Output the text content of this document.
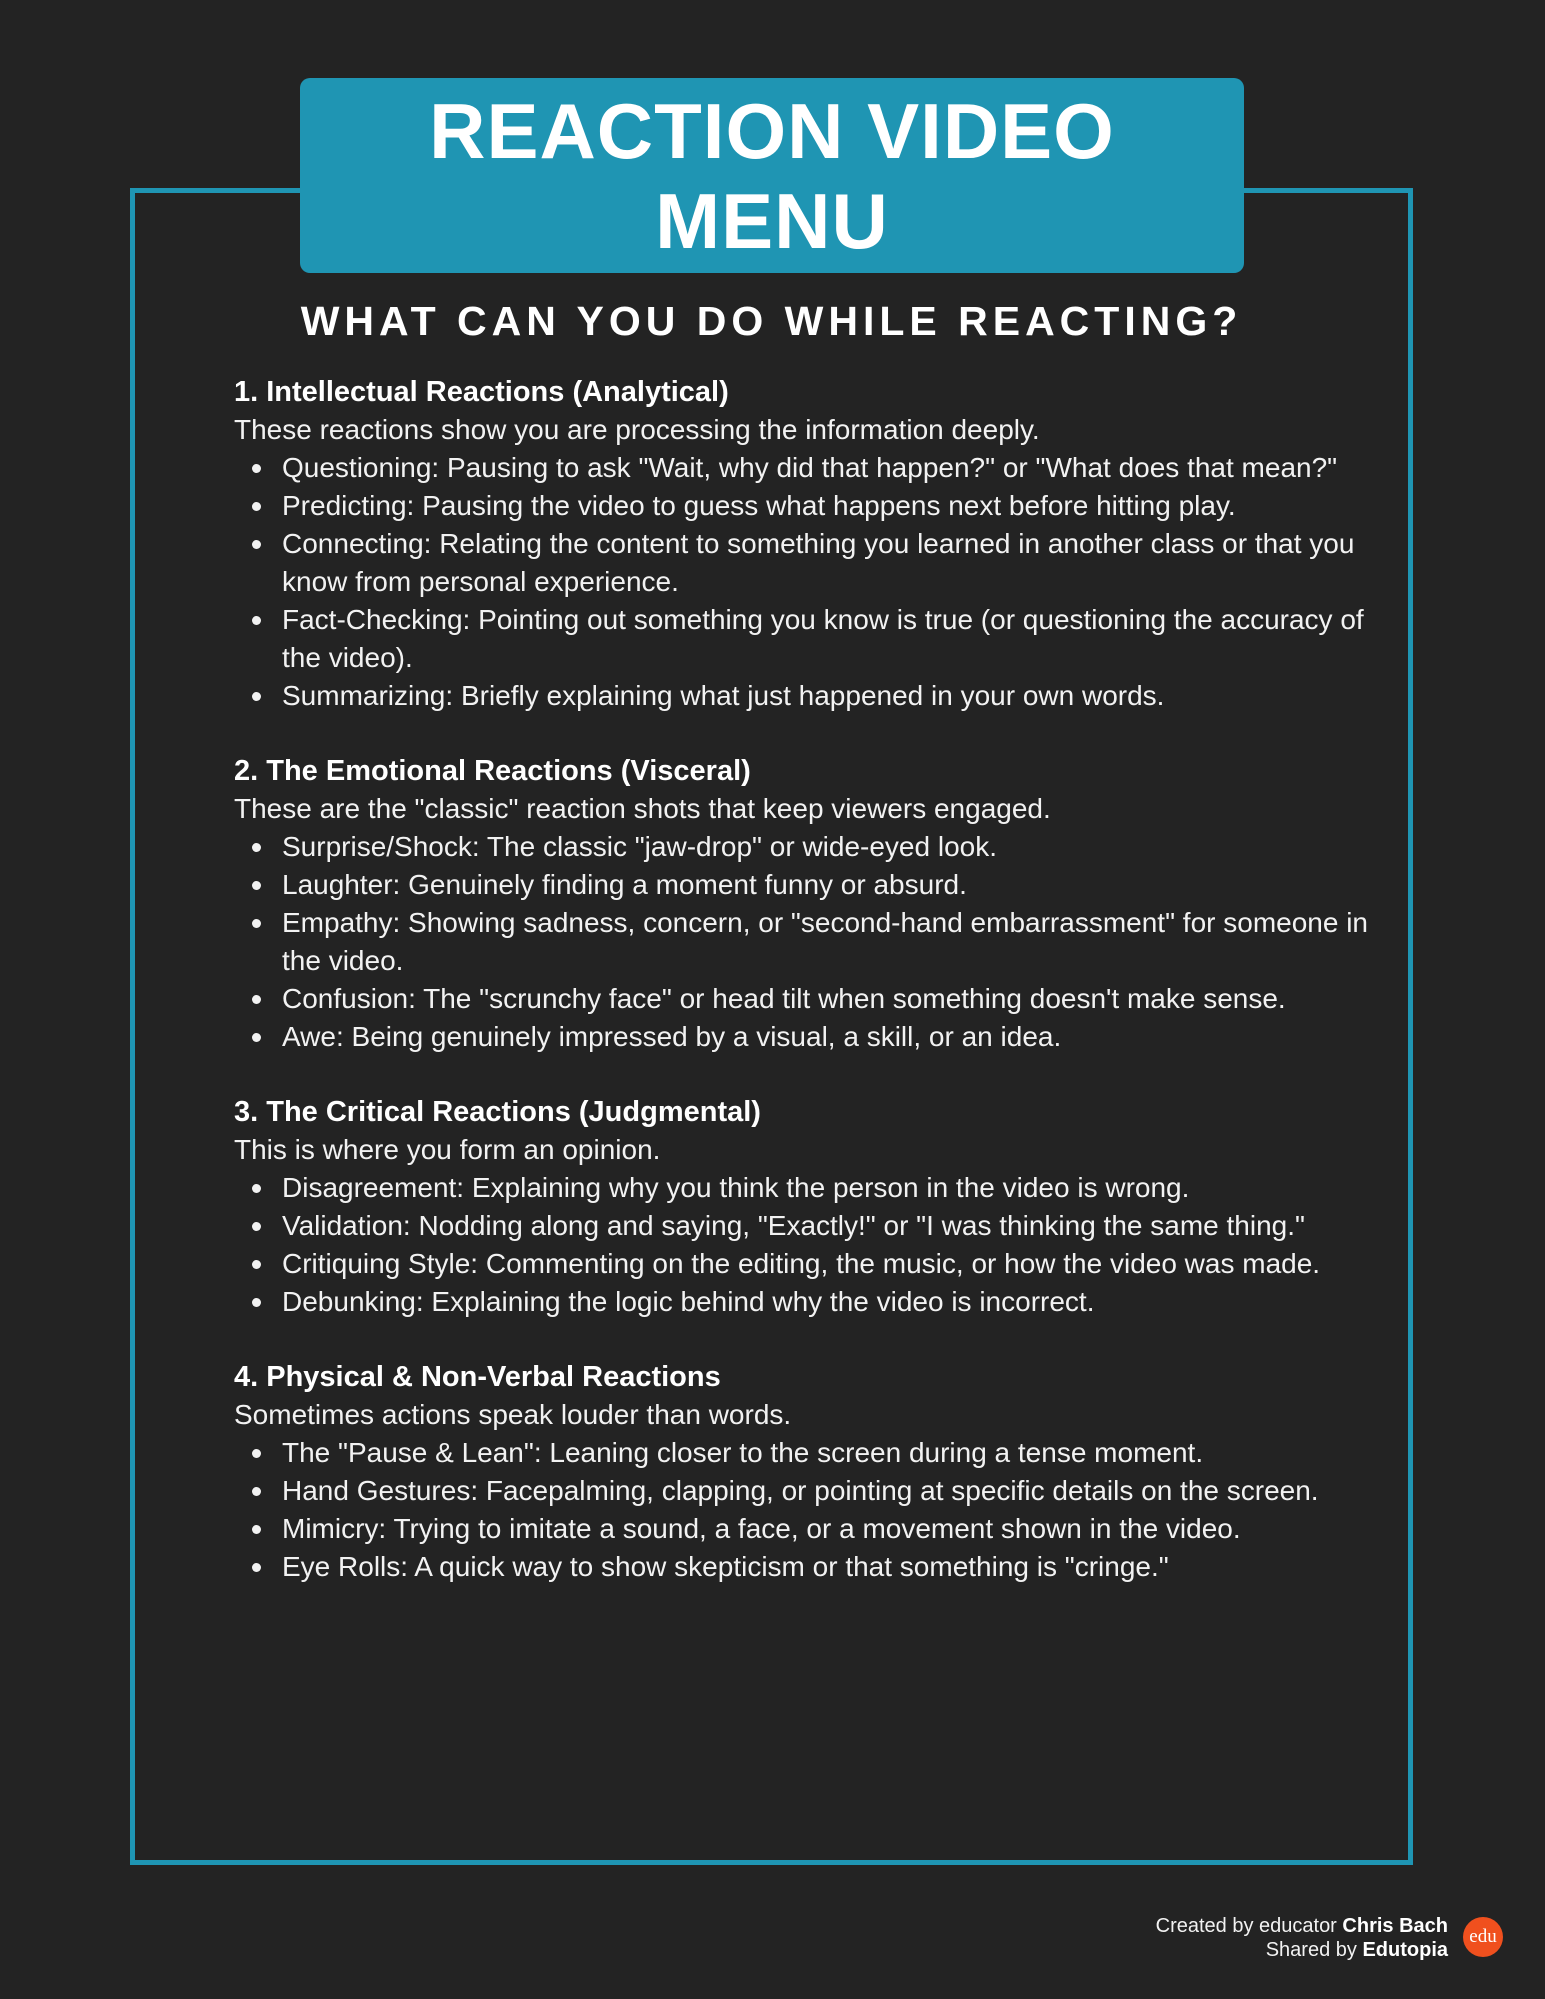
REACTION VIDEO
MENU
WHAT CAN YOU DO WHILE REACTING?

1. Intellectual Reactions (Analytical)

These reactions show you are processing the information deeply.

Questioning: Pausing to ask "Wait, why did that happen?" or "What does that mean?"
Predicting: Pausing the video to guess what happens next before hitting play.
Connecting: Relating the content to something you learned in another class or that you know from personal experience.
Fact-Checking: Pointing out something you know is true (or questioning the accuracy of the video).
Summarizing: Briefly explaining what just happened in your own words.

2. The Emotional Reactions (Visceral)

These are the "classic" reaction shots that keep viewers engaged.

Surprise/Shock: The classic "jaw-drop" or wide-eyed look.
Laughter: Genuinely finding a moment funny or absurd.
Empathy: Showing sadness, concern, or "second-hand embarrassment" for someone in the video.
Confusion: The "scrunchy face" or head tilt when something doesn't make sense.
Awe: Being genuinely impressed by a visual, a skill, or an idea.

3. The Critical Reactions (Judgmental)

This is where you form an opinion.

Disagreement: Explaining why you think the person in the video is wrong.
Validation: Nodding along and saying, "Exactly!" or "I was thinking the same thing."
Critiquing Style: Commenting on the editing, the music, or how the video was made.
Debunking: Explaining the logic behind why the video is incorrect.

4. Physical & Non-Verbal Reactions

Sometimes actions speak louder than words.

The "Pause & Lean": Leaning closer to the screen during a tense moment.
Hand Gestures: Facepalming, clapping, or pointing at specific details on the screen.
Mimicry: Trying to imitate a sound, a face, or a movement shown in the video.
Eye Rolls: A quick way to show skepticism or that something is "cringe."
Created by educator Chris Bach
Shared by Edutopia
edu
